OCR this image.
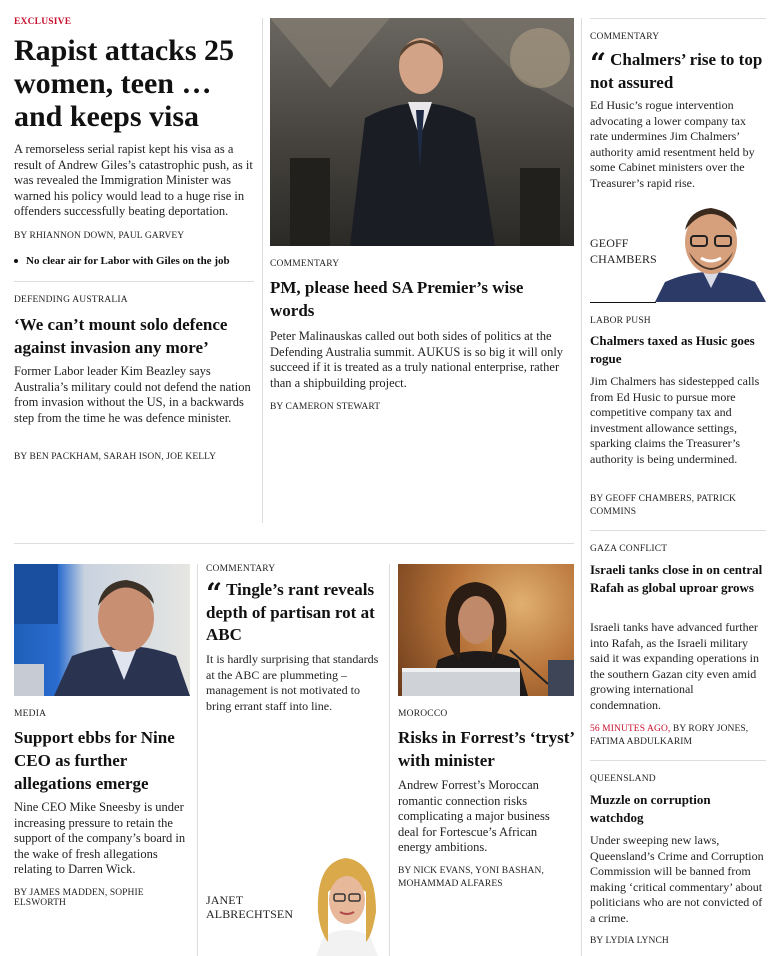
EXCLUSIVE
Rapist attacks 25 women, teen … and keeps visa
A remorseless serial rapist kept his visa as a result of Andrew Giles’s catastrophic push, as it was revealed the Immigration Minister was warned his policy would lead to a huge rise in offenders successfully beating deportation.
BY RHIANNON DOWN, PAUL GARVEY
No clear air for Labor with Giles on the job
DEFENDING AUSTRALIA
‘We can’t mount solo defence against invasion any more’
Former Labor leader Kim Beazley says Australia’s military could not defend the nation from invasion without the US, in a backwards step from the time he was defence minister.
BY BEN PACKHAM, SARAH ISON, JOE KELLY
COMMENTARY
PM, please heed SA Premier’s wise words
Peter Malinauskas called out both sides of politics at the Defending Australia summit. AUKUS is so big it will only succeed if it is treated as a truly national enterprise, rather than a shipbuilding project.
BY CAMERON STEWART
COMMENTARY
“ Chalmers’ rise to top not assured
Ed Husic’s rogue intervention advocating a lower company tax rate undermines Jim Chalmers’ authority amid resentment held by some Cabinet ministers over the Treasurer’s rapid rise.
GEOFF
CHAMBERS
LABOR PUSH
Chalmers taxed as Husic goes rogue
Jim Chalmers has sidestepped calls from Ed Husic to pursue more competitive company tax and investment allowance settings, sparking claims the Treasurer’s authority is being undermined.
BY GEOFF CHAMBERS, PATRICK COMMINS
GAZA CONFLICT
Israeli tanks close in on central Rafah as global uproar grows
Israeli tanks have advanced further into Rafah, as the Israeli military said it was expanding operations in the southern Gazan city even amid growing international condemnation.
56 MINUTES AGO, BY RORY JONES, FATIMA ABDULKARIM
QUEENSLAND
Muzzle on corruption watchdog
Under sweeping new laws, Queensland’s Crime and Corruption Commission will be banned from making ‘critical commentary’ about politicians who are not convicted of a crime.
BY LYDIA LYNCH
MEDIA
Support ebbs for Nine CEO as further allegations emerge
Nine CEO Mike Sneesby is under increasing pressure to retain the support of the company’s board in the wake of fresh allegations relating to Darren Wick.
BY JAMES MADDEN, SOPHIE ELSWORTH
COMMENTARY
“ Tingle’s rant reveals depth of partisan rot at ABC
It is hardly surprising that standards at the ABC are plummeting – management is not motivated to bring errant staff into line.
JANET
ALBRECHTSEN
MOROCCO
Risks in Forrest’s ‘tryst’ with minister
Andrew Forrest’s Moroccan romantic connection risks complicating a major business deal for Fortescue’s African energy ambitions.
BY NICK EVANS, YONI BASHAN, MOHAMMAD ALFARES
